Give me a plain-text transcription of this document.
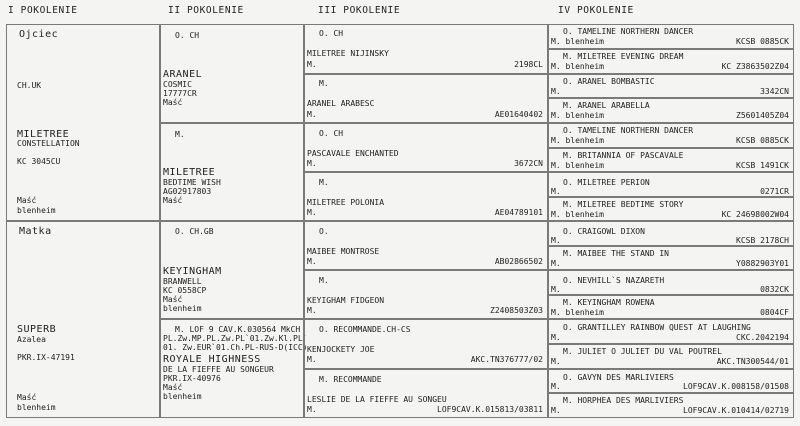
I POKOLENIE	II POKOLENIE	III POKOLENIE	IV POKOLENIE
Ojciec
CH.UK
MILETREE
CONSTELLATION
KC 3045CU
Maść
blenheim
Matka
SUPERB
Azalea
PKR.IX-47191
Maść
blenheim
O. CH
ARANEL
COSMIC
17777CR
Maść
M.
MILETREE
BEDTIME WISH
AG02917803
Maść
O. CH.GB
KEYINGHAM
BRANWELL
KC 0558CP
Maść
blenheim
M. LOF 9 CAV.K.030564 MkCH
PL.Zw.MP.PL.Zw.PL`01.Zw.Kl.PL`
01. Zw.EUR`01.Ch.PL-RUS-D(ICC)
ROYALE HIGHNESS
DE LA FIEFFE AU SONGEUR
PKR.IX-40976
Maść
blenheim
O. CH
MILETREE NIJINSKY
M.	2198CL
M.
ARANEL ARABESC
M.	AE01640402
O. CH
PASCAVALE ENCHANTED
M.	3672CN
M.
MILETREE POLONIA
M.	AE04789101
O.
MAIBEE MONTROSE
M.	AB02866502
M.
KEYIGHAM FIDGEON
M.	Z2408503Z03
O. RECOMMANDE.CH-CS
KENJOCKETY JOE
M.	AKC.TN376777/02
M. RECOMMANDE
LESLIE DE LA FIEFFE AU SONGEU
M.	LOF9CAV.K.015813/03811
O. TAMELINE NORTHERN DANCER
M. blenheim	KCSB 0885CK
M. MILETREE EVENING DREAM
M. blenheim	KC Z3863502Z04
O. ARANEL BOMBASTIC
M.	3342CN
M. ARANEL ARABELLA
M. blenheim	Z5601405Z04
O. TAMELINE NORTHERN DANCER
M. blenheim	KCSB 0885CK
M. BRITANNIA OF PASCAVALE
M. blenheim	KCSB 1491CK
O. MILETREE PERION
M.	0271CR
M. MILETREE BEDTIME STORY
M. blenheim	KC 24698002W04
O. CRAIGOWL DIXON
M.	KCSB 2178CH
M. MAIBEE THE STAND IN
M.	Y0882903Y01
O. NEVHILL`S NAZARETH
M.	0832CK
M. KEYINGHAM ROWENA
M. blenheim	0804CF
O. GRANTILLEY RAINBOW QUEST AT LAUGHING
M.	CKC.2042194
M. JULIET O JULIET DU VAL POUTREL
M.	AKC.TN300544/01
O. GAVYN DES MARLIVIERS
M.	LOF9CAV.K.008158/01508
M. HORPHEA DES MARLIVIERS
M.	LOF9CAV.K.010414/02719
